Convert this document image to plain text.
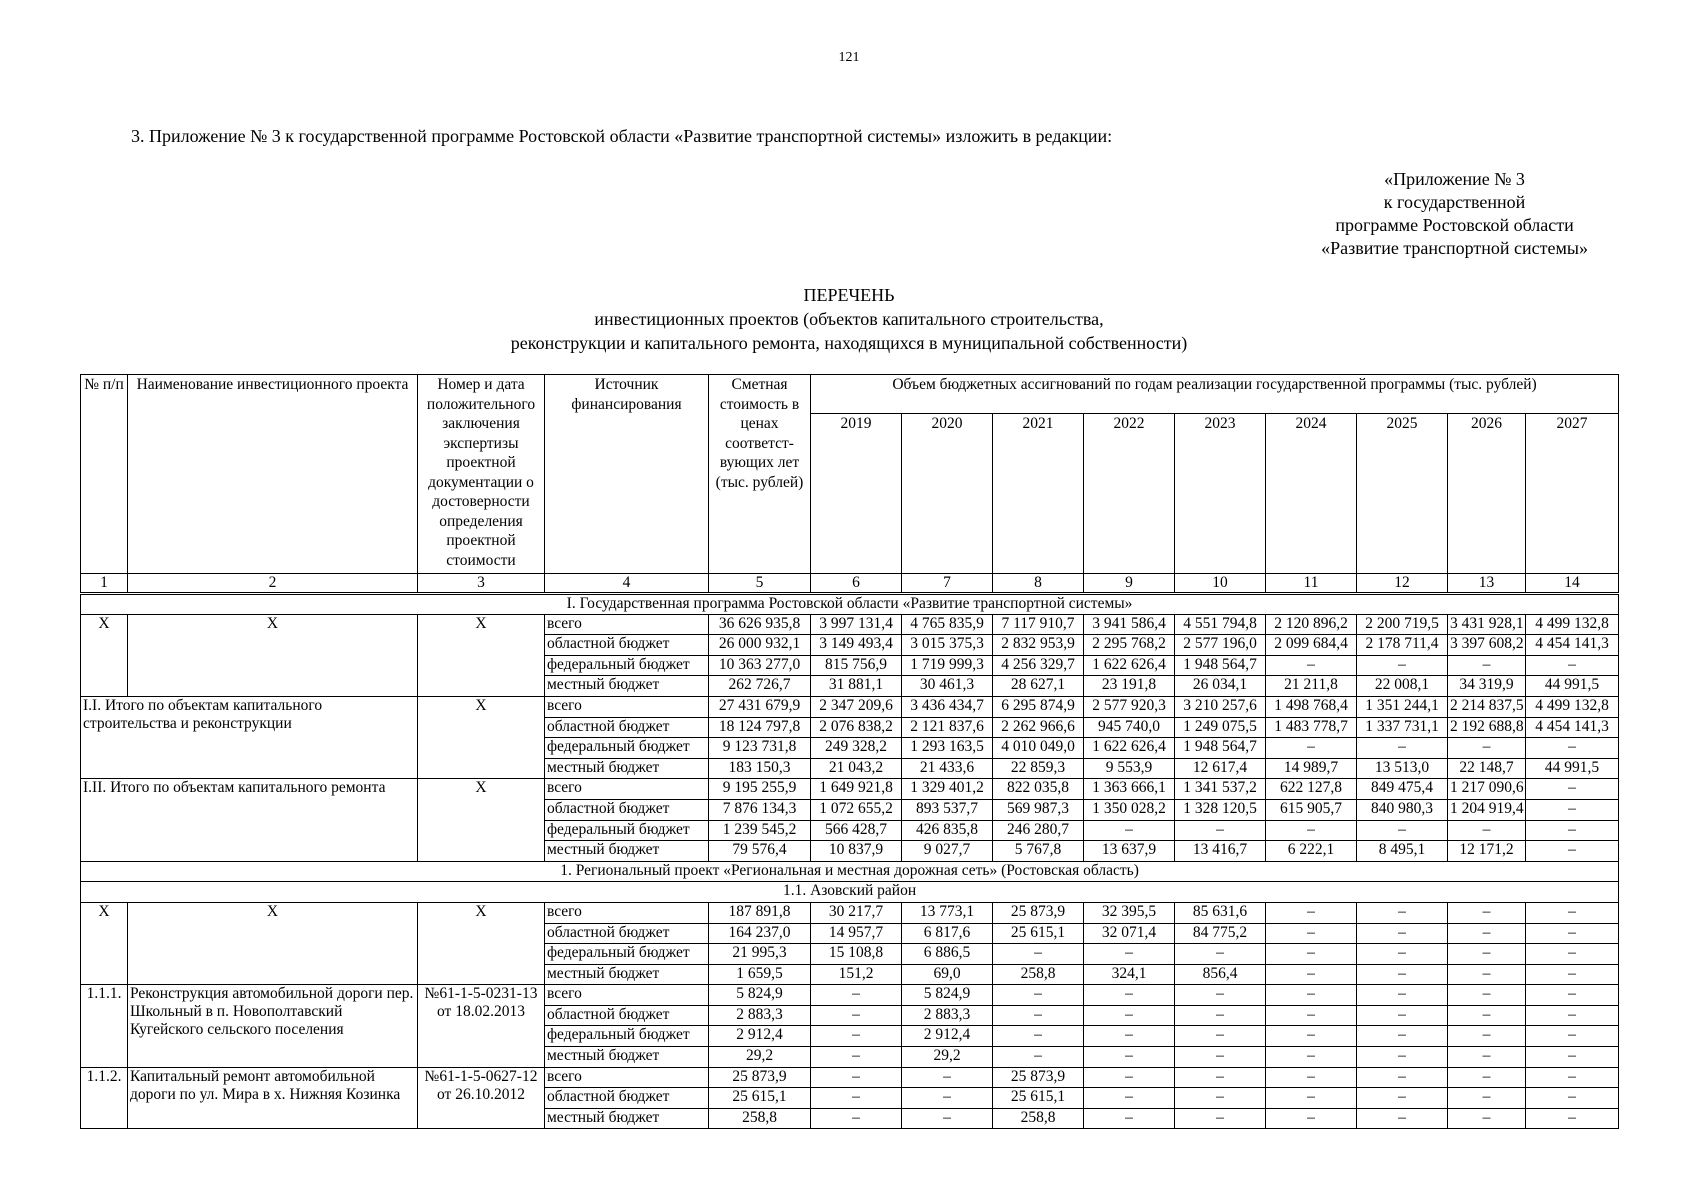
121
3. Приложение № 3 к государственной программе Ростовской области «Развитие транспортной системы» изложить в редакции:
«Приложение № 3
к государственной
программе Ростовской области
«Развитие транспортной системы»
ПЕРЕЧЕНЬ
инвестиционных проектов (объектов капитального строительства,
реконструкции и капитального ремонта, находящихся в муниципальной собственности)
№ п/п	Наименование инвестиционного проекта	Номер и дата положительного заключения экспертизы проектной документации о достоверности определения проектной стоимости	Источник финансирования	Сметная стоимость в ценах соответст-вующих лет (тыс. рублей)	Объем бюджетных ассигнований по годам реализации государственной программы (тыс. рублей)								
					2019	2020	2021	2022	2023	2024	2025	2026	2027
1	2	3	4	5	6	7	8	9	10	11	12	13	14
I. Государственная программа Ростовской области «Развитие транспортной системы»													
X	X	X	всего	36 626 935,8	3 997 131,4	4 765 835,9	7 117 910,7	3 941 586,4	4 551 794,8	2 120 896,2	2 200 719,5	3 431 928,1	4 499 132,8
			областной бюджет	26 000 932,1	3 149 493,4	3 015 375,3	2 832 953,9	2 295 768,2	2 577 196,0	2 099 684,4	2 178 711,4	3 397 608,2	4 454 141,3
			федеральный бюджет	10 363 277,0	815 756,9	1 719 999,3	4 256 329,7	1 622 626,4	1 948 564,7	–	–	–	–
			местный бюджет	262 726,7	31 881,1	30 461,3	28 627,1	23 191,8	26 034,1	21 211,8	22 008,1	34 319,9	44 991,5
I.I. Итого по объектам капитального строительства и реконструкции		X	всего	27 431 679,9	2 347 209,6	3 436 434,7	6 295 874,9	2 577 920,3	3 210 257,6	1 498 768,4	1 351 244,1	2 214 837,5	4 499 132,8
			областной бюджет	18 124 797,8	2 076 838,2	2 121 837,6	2 262 966,6	945 740,0	1 249 075,5	1 483 778,7	1 337 731,1	2 192 688,8	4 454 141,3
			федеральный бюджет	9 123 731,8	249 328,2	1 293 163,5	4 010 049,0	1 622 626,4	1 948 564,7	–	–	–	–
			местный бюджет	183 150,3	21 043,2	21 433,6	22 859,3	9 553,9	12 617,4	14 989,7	13 513,0	22 148,7	44 991,5
I.II. Итого по объектам капитального ремонта		X	всего	9 195 255,9	1 649 921,8	1 329 401,2	822 035,8	1 363 666,1	1 341 537,2	622 127,8	849 475,4	1 217 090,6	–
			областной бюджет	7 876 134,3	1 072 655,2	893 537,7	569 987,3	1 350 028,2	1 328 120,5	615 905,7	840 980,3	1 204 919,4	–
			федеральный бюджет	1 239 545,2	566 428,7	426 835,8	246 280,7	–	–	–	–	–	–
			местный бюджет	79 576,4	10 837,9	9 027,7	5 767,8	13 637,9	13 416,7	6 222,1	8 495,1	12 171,2	–
1. Региональный проект «Региональная и местная дорожная сеть» (Ростовская область)													
1.1. Азовский район													
X	X	X	всего	187 891,8	30 217,7	13 773,1	25 873,9	32 395,5	85 631,6	–	–	–	–
			областной бюджет	164 237,0	14 957,7	6 817,6	25 615,1	32 071,4	84 775,2	–	–	–	–
			федеральный бюджет	21 995,3	15 108,8	6 886,5	–	–	–	–	–	–	–
			местный бюджет	1 659,5	151,2	69,0	258,8	324,1	856,4	–	–	–	–
1.1.1.	Реконструкция автомобильной дороги пер. Школьный в п. Новополтавский Кугейского сельского поселения	№61-1-5-0231-13 от 18.02.2013	всего	5 824,9	–	5 824,9	–	–	–	–	–	–	–
			областной бюджет	2 883,3	–	2 883,3	–	–	–	–	–	–	–
			федеральный бюджет	2 912,4	–	2 912,4	–	–	–	–	–	–	–
			местный бюджет	29,2	–	29,2	–	–	–	–	–	–	–
1.1.2.	Капитальный ремонт автомобильной дороги по ул. Мира в х. Нижняя Козинка	№61-1-5-0627-12 от 26.10.2012	всего	25 873,9	–	–	25 873,9	–	–	–	–	–	–
			областной бюджет	25 615,1	–	–	25 615,1	–	–	–	–	–	–
			местный бюджет	258,8	–	–	258,8	–	–	–	–	–	–
